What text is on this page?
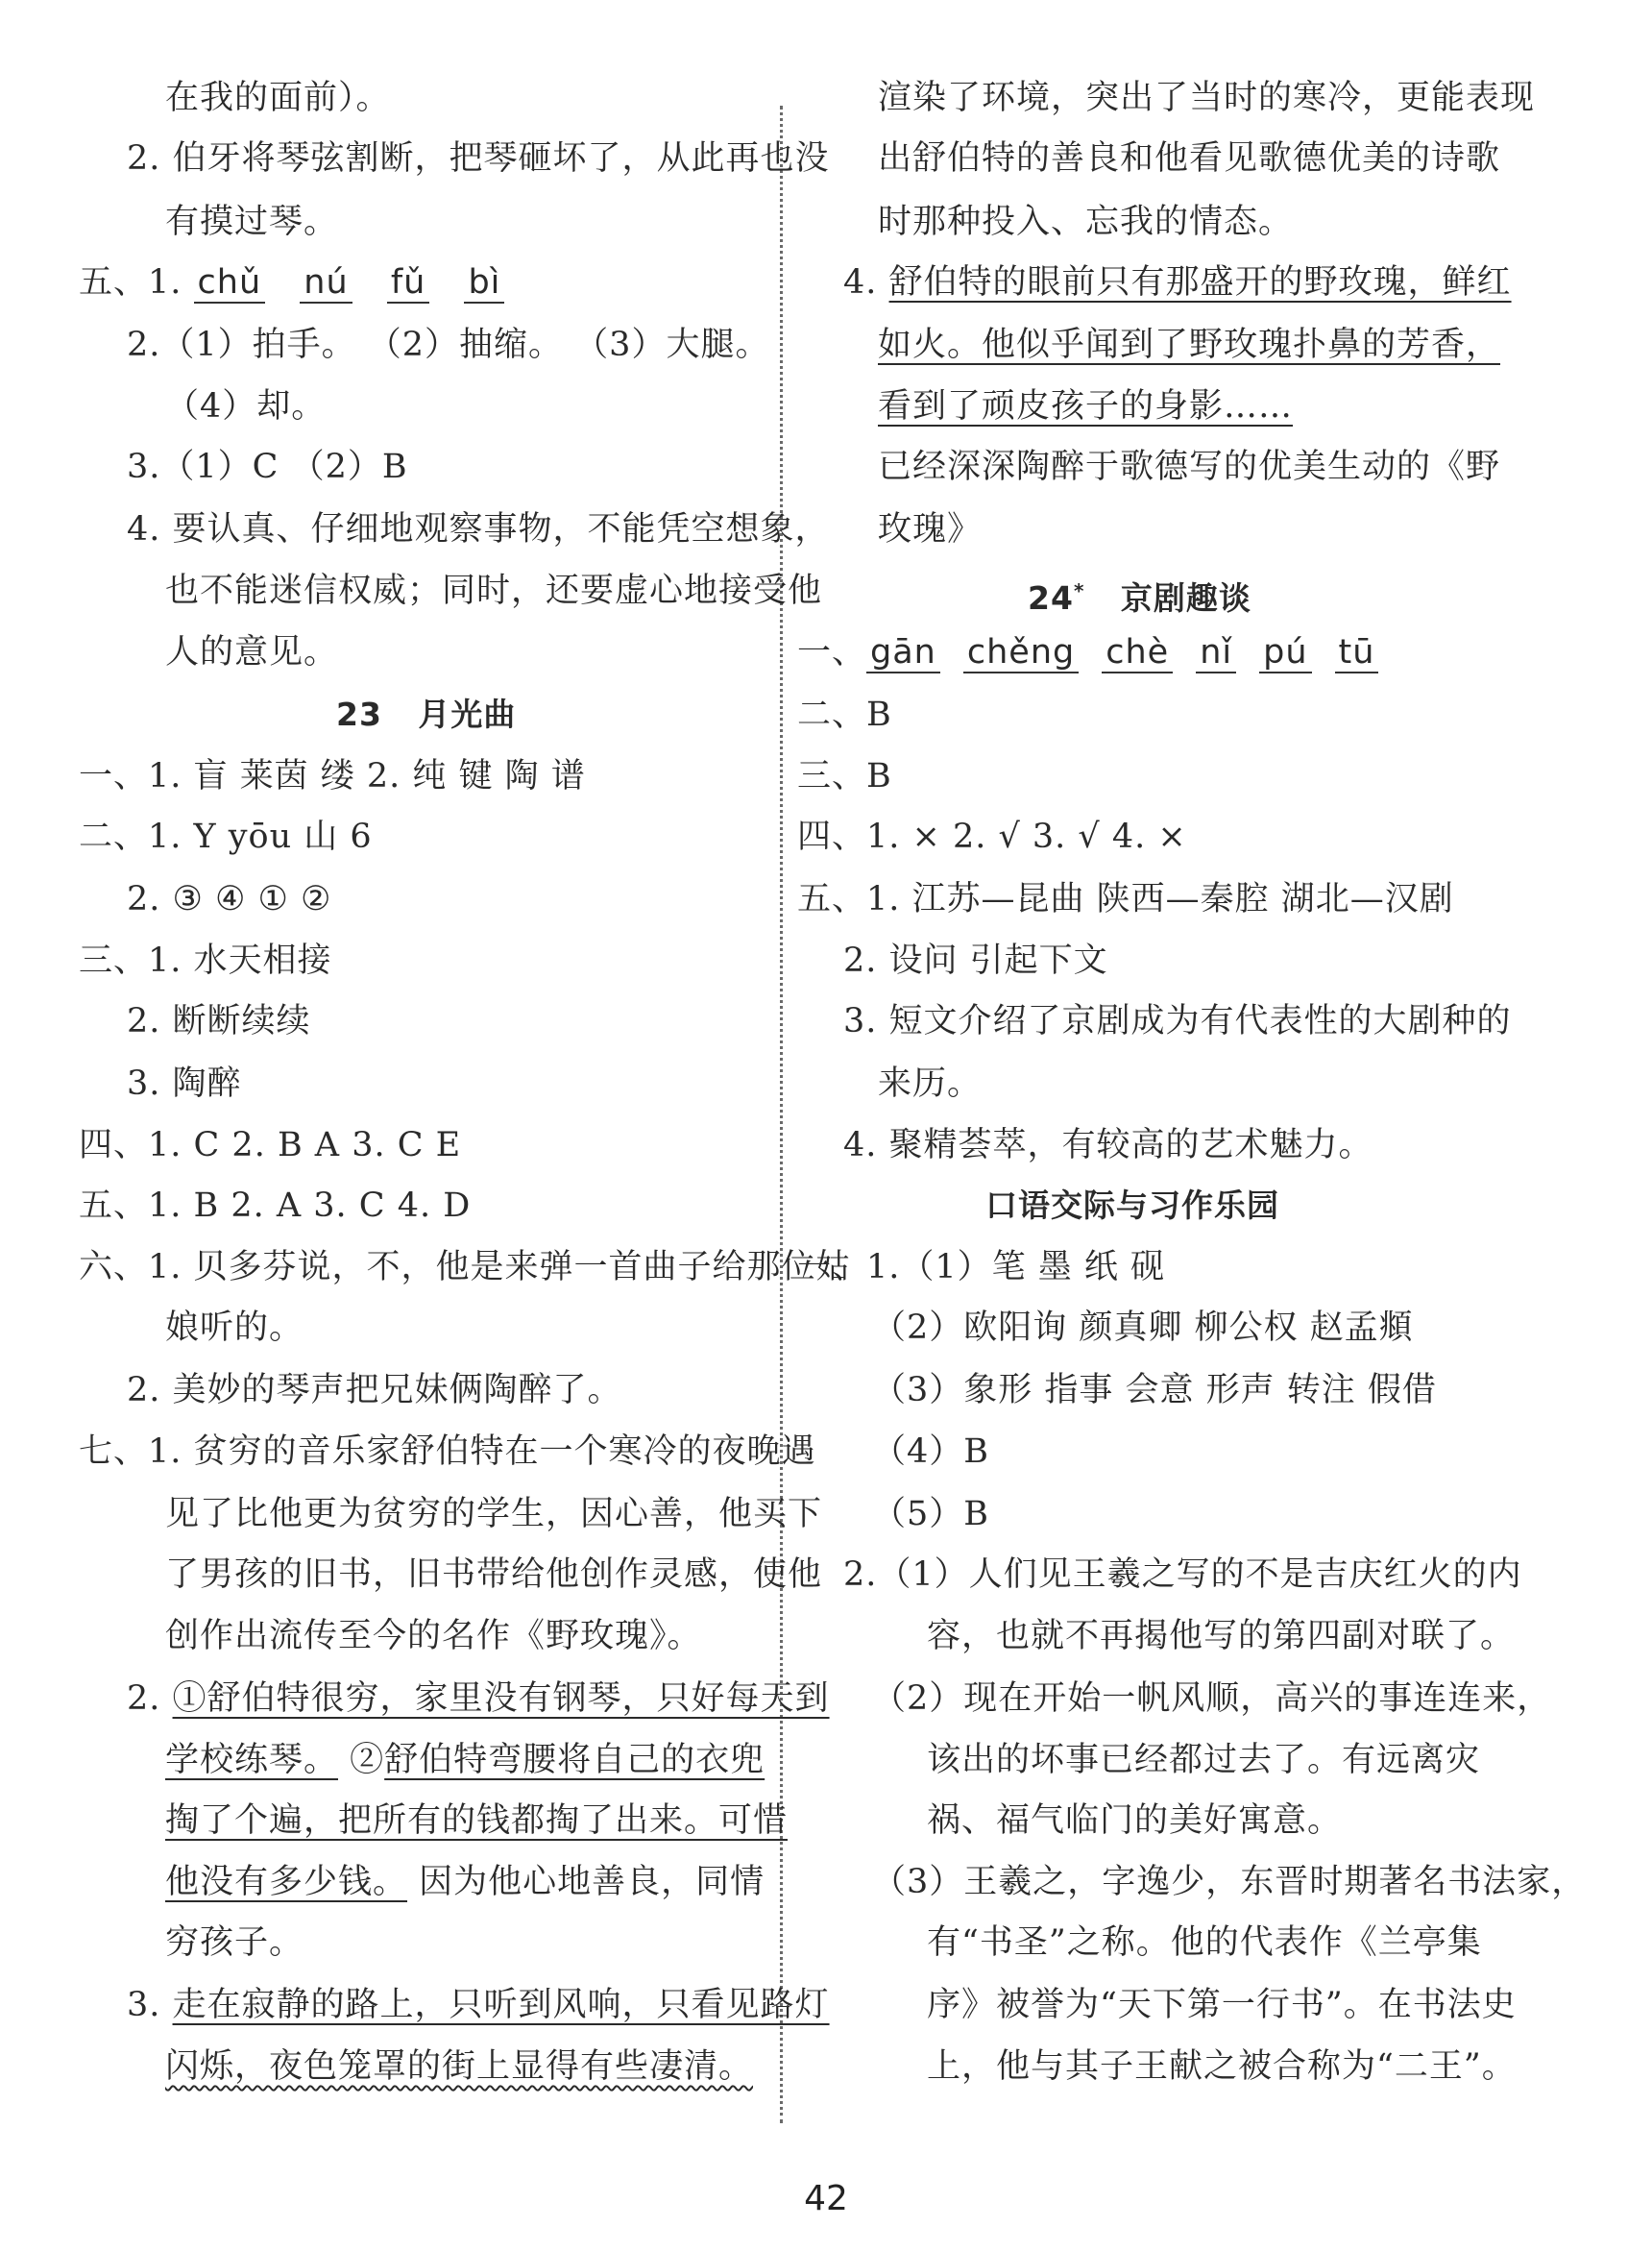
在我的面前）。
2. 伯牙将琴弦割断，把琴砸坏了，从此再也没
有摸过琴。
五、1. chǔ nú fǔ bì
2.（1）拍手。 （2）抽缩。 （3）大腿。
（4）却。
3.（1）C （2）B
4. 要认真、仔细地观察事物，不能凭空想象，
也不能迷信权威；同时，还要虚心地接受他
人的意见。
23 月光曲
一、1. 盲 莱茵 缕 2. 纯 键 陶 谱
二、1. Y yōu 山 6
2. ③ ④ ① ②
三、1. 水天相接
2. 断断续续
3. 陶醉
四、1. C 2. B A 3. C E
五、1. B 2. A 3. C 4. D
六、1. 贝多芬说，不，他是来弹一首曲子给那位姑
娘听的。
2. 美妙的琴声把兄妹俩陶醉了。
七、1. 贫穷的音乐家舒伯特在一个寒冷的夜晚遇
见了比他更为贫穷的学生，因心善，他买下
了男孩的旧书，旧书带给他创作灵感，使他
创作出流传至今的名作《野玫瑰》。
2. ①舒伯特很穷，家里没有钢琴，只好每天到
学校练琴。 ②舒伯特弯腰将自己的衣兜
掏了个遍，把所有的钱都掏了出来。可惜
他没有多少钱。 因为他心地善良，同情
穷孩子。
3. 走在寂静的路上，只听到风响，只看见路灯
闪烁，夜色笼罩的街上显得有些凄清。
渲染了环境，突出了当时的寒冷，更能表现
出舒伯特的善良和他看见歌德优美的诗歌
时那种投入、忘我的情态。
4. 舒伯特的眼前只有那盛开的野玫瑰，鲜红
如火。他似乎闻到了野玫瑰扑鼻的芳香，
看到了顽皮孩子的身影……
已经深深陶醉于歌德写的优美生动的《野
玫瑰》
24* 京剧趣谈
一、 gān chěng chè nǐ pú tū
二、B
三、B
四、1. × 2. √ 3. √ 4. ×
五、1. 江苏—昆曲 陕西—秦腔 湖北—汉剧
2. 设问 引起下文
3. 短文介绍了京剧成为有代表性的大剧种的
来历。
4. 聚精荟萃，有较高的艺术魅力。
口语交际与习作乐园
一、1.（1）笔 墨 纸 砚
（2）欧阳询 颜真卿 柳公权 赵孟頫
（3）象形 指事 会意 形声 转注 假借
（4）B
（5）B
2.（1）人们见王羲之写的不是吉庆红火的内
容，也就不再揭他写的第四副对联了。
（2）现在开始一帆风顺，高兴的事连连来，
该出的坏事已经都过去了。有远离灾
祸、福气临门的美好寓意。
（3）王羲之，字逸少，东晋时期著名书法家，
有“书圣”之称。他的代表作《兰亭集
序》被誉为“天下第一行书”。在书法史
上，他与其子王献之被合称为“二王”。
42
